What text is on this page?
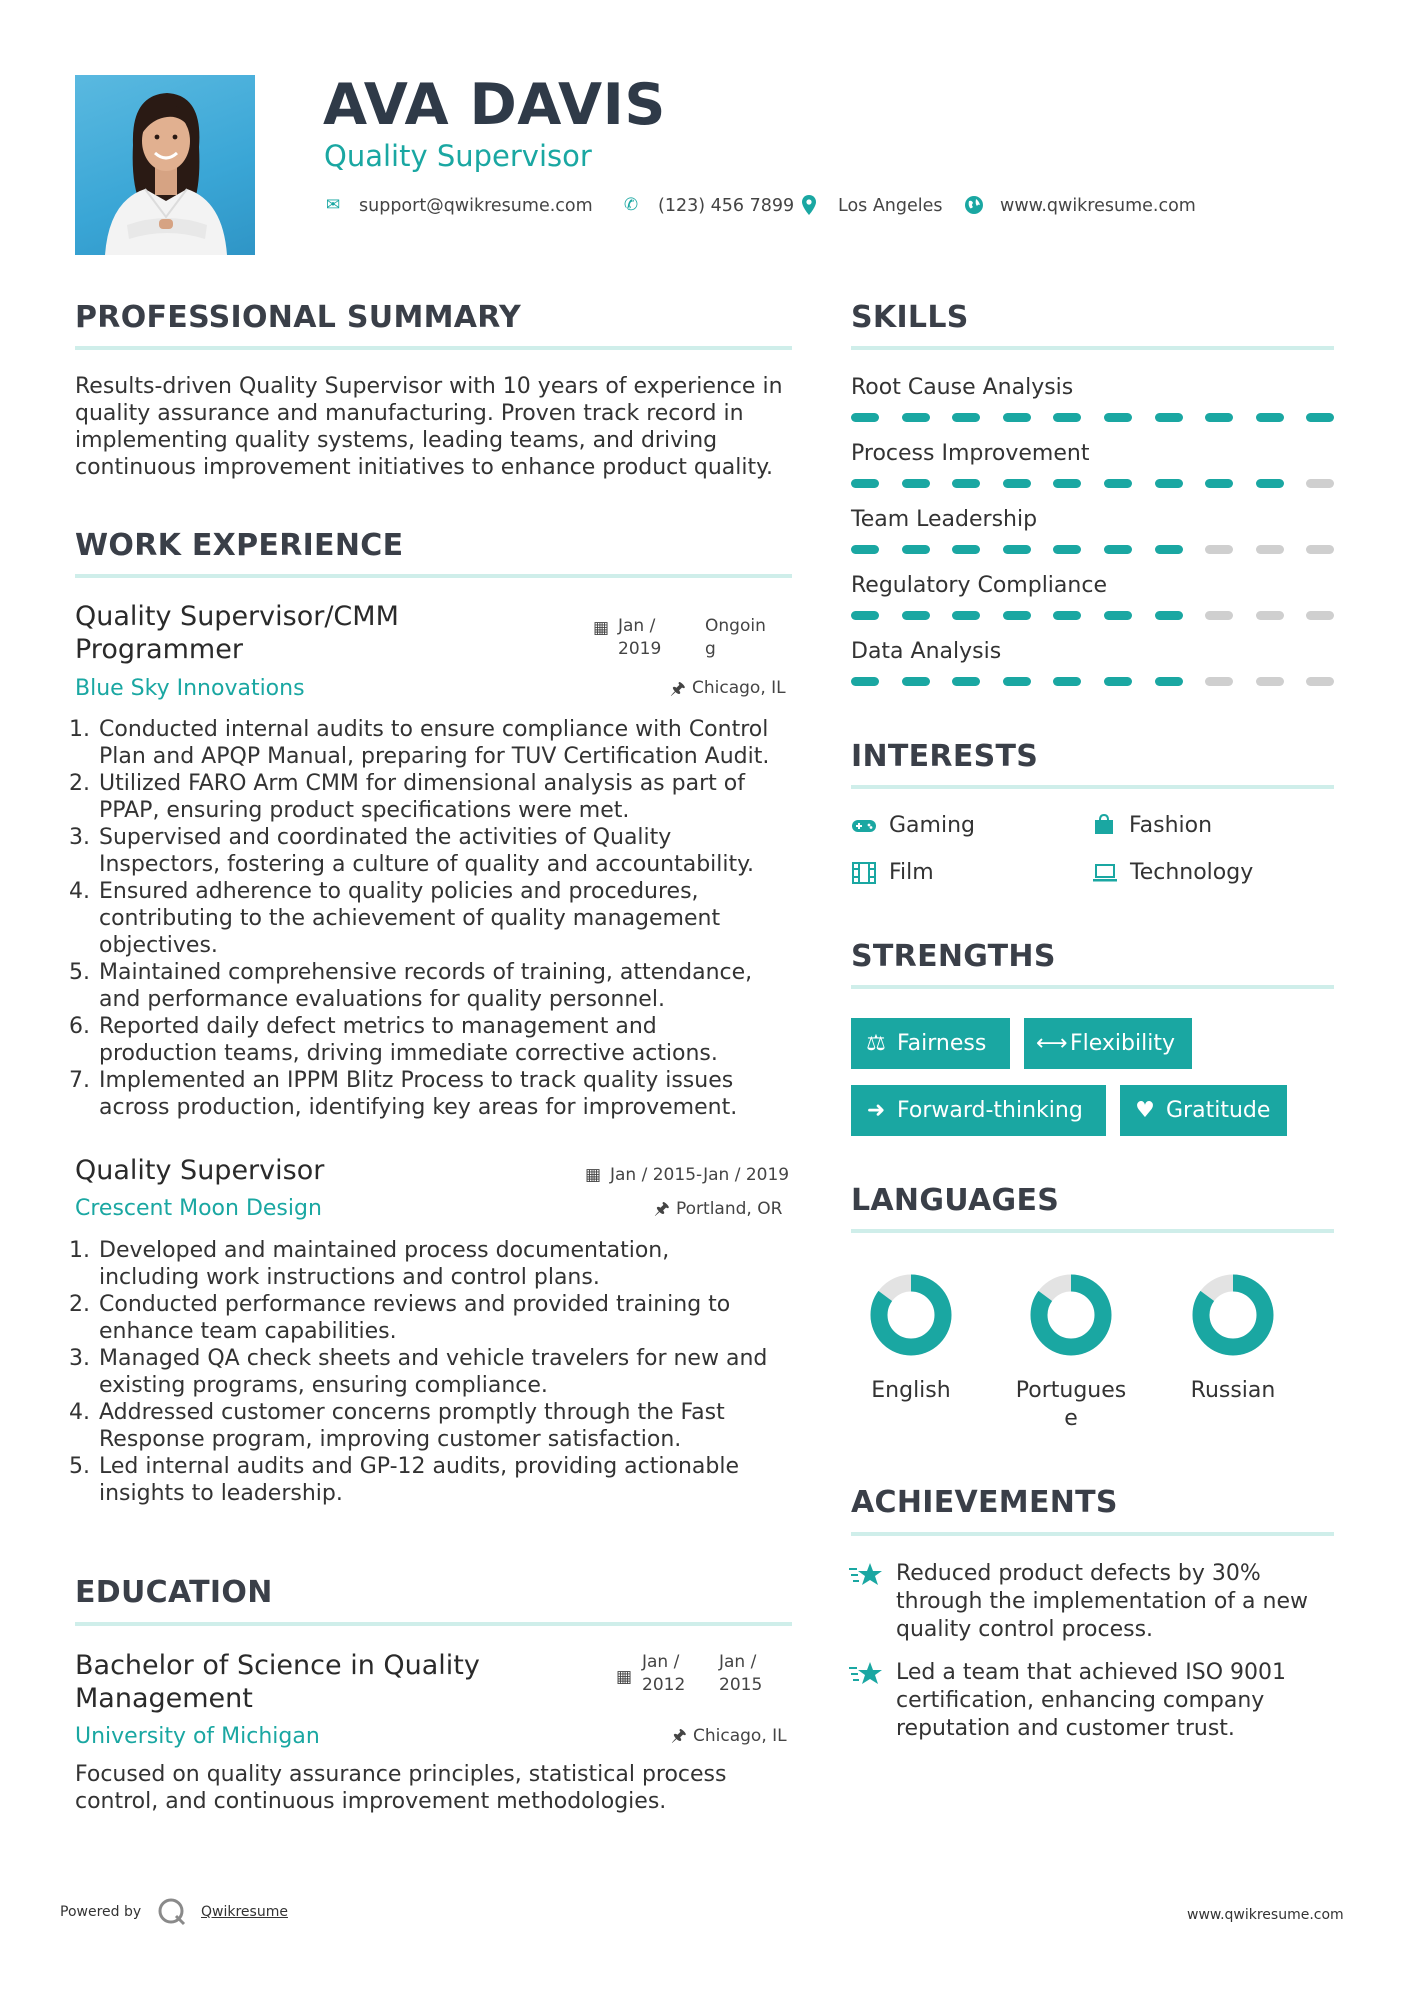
AVA DAVIS
Quality Supervisor
✉ support@qwikresume.com ✆ (123) 456 7899	Los Angeles	www.qwikresume.com
PROFESSIONAL SUMMARY
Results-driven Quality Supervisor with 10 years of experience in
quality assurance and manufacturing. Proven track record in
implementing quality systems, leading teams, and driving
continuous improvement initiatives to enhance product quality.
WORK EXPERIENCE
Quality Supervisor/CMM
Programmer
▦ Jan /
2019
Ongoin
g
Blue Sky Innovations	🖈 Chicago, IL
1. Conducted internal audits to ensure compliance with Control
Plan and APQP Manual, preparing for TUV Certification Audit.
2. Utilized FARO Arm CMM for dimensional analysis as part of
PPAP, ensuring product specifications were met.
3. Supervised and coordinated the activities of Quality
Inspectors, fostering a culture of quality and accountability.
4. Ensured adherence to quality policies and procedures,
contributing to the achievement of quality management
objectives.
5. Maintained comprehensive records of training, attendance,
and performance evaluations for quality personnel.
6. Reported daily defect metrics to management and
production teams, driving immediate corrective actions.
7. Implemented an IPPM Blitz Process to track quality issues
across production, identifying key areas for improvement.
Quality Supervisor	▦ Jan / 2015-Jan / 2019
Crescent Moon Design	🖈 Portland, OR
1. Developed and maintained process documentation,
including work instructions and control plans.
2. Conducted performance reviews and provided training to
enhance team capabilities.
3. Managed QA check sheets and vehicle travelers for new and
existing programs, ensuring compliance.
4. Addressed customer concerns promptly through the Fast
Response program, improving customer satisfaction.
5. Led internal audits and GP-12 audits, providing actionable
insights to leadership.
EDUCATION
Bachelor of Science in Quality
Management
▦
Jan /
2012
Jan /
2015
University of Michigan	🖈 Chicago, IL
Focused on quality assurance principles, statistical process
control, and continuous improvement methodologies.
SKILLS
Root Cause Analysis
Process Improvement
Team Leadership
Regulatory Compliance
Data Analysis
INTERESTS
Gaming	Fashion
Film	Technology
STRENGTHS
⚖ Fairness	⟷ Flexibility
➜ Forward-thinking	♥ Gratitude
LANGUAGES
English	Portugues
e
Russian
ACHIEVEMENTS
Reduced product defects by 30%
through the implementation of a new
quality control process.
Led a team that achieved ISO 9001
certification, enhancing company
reputation and customer trust.
Powered by	Qwikresume	www.qwikresume.com
